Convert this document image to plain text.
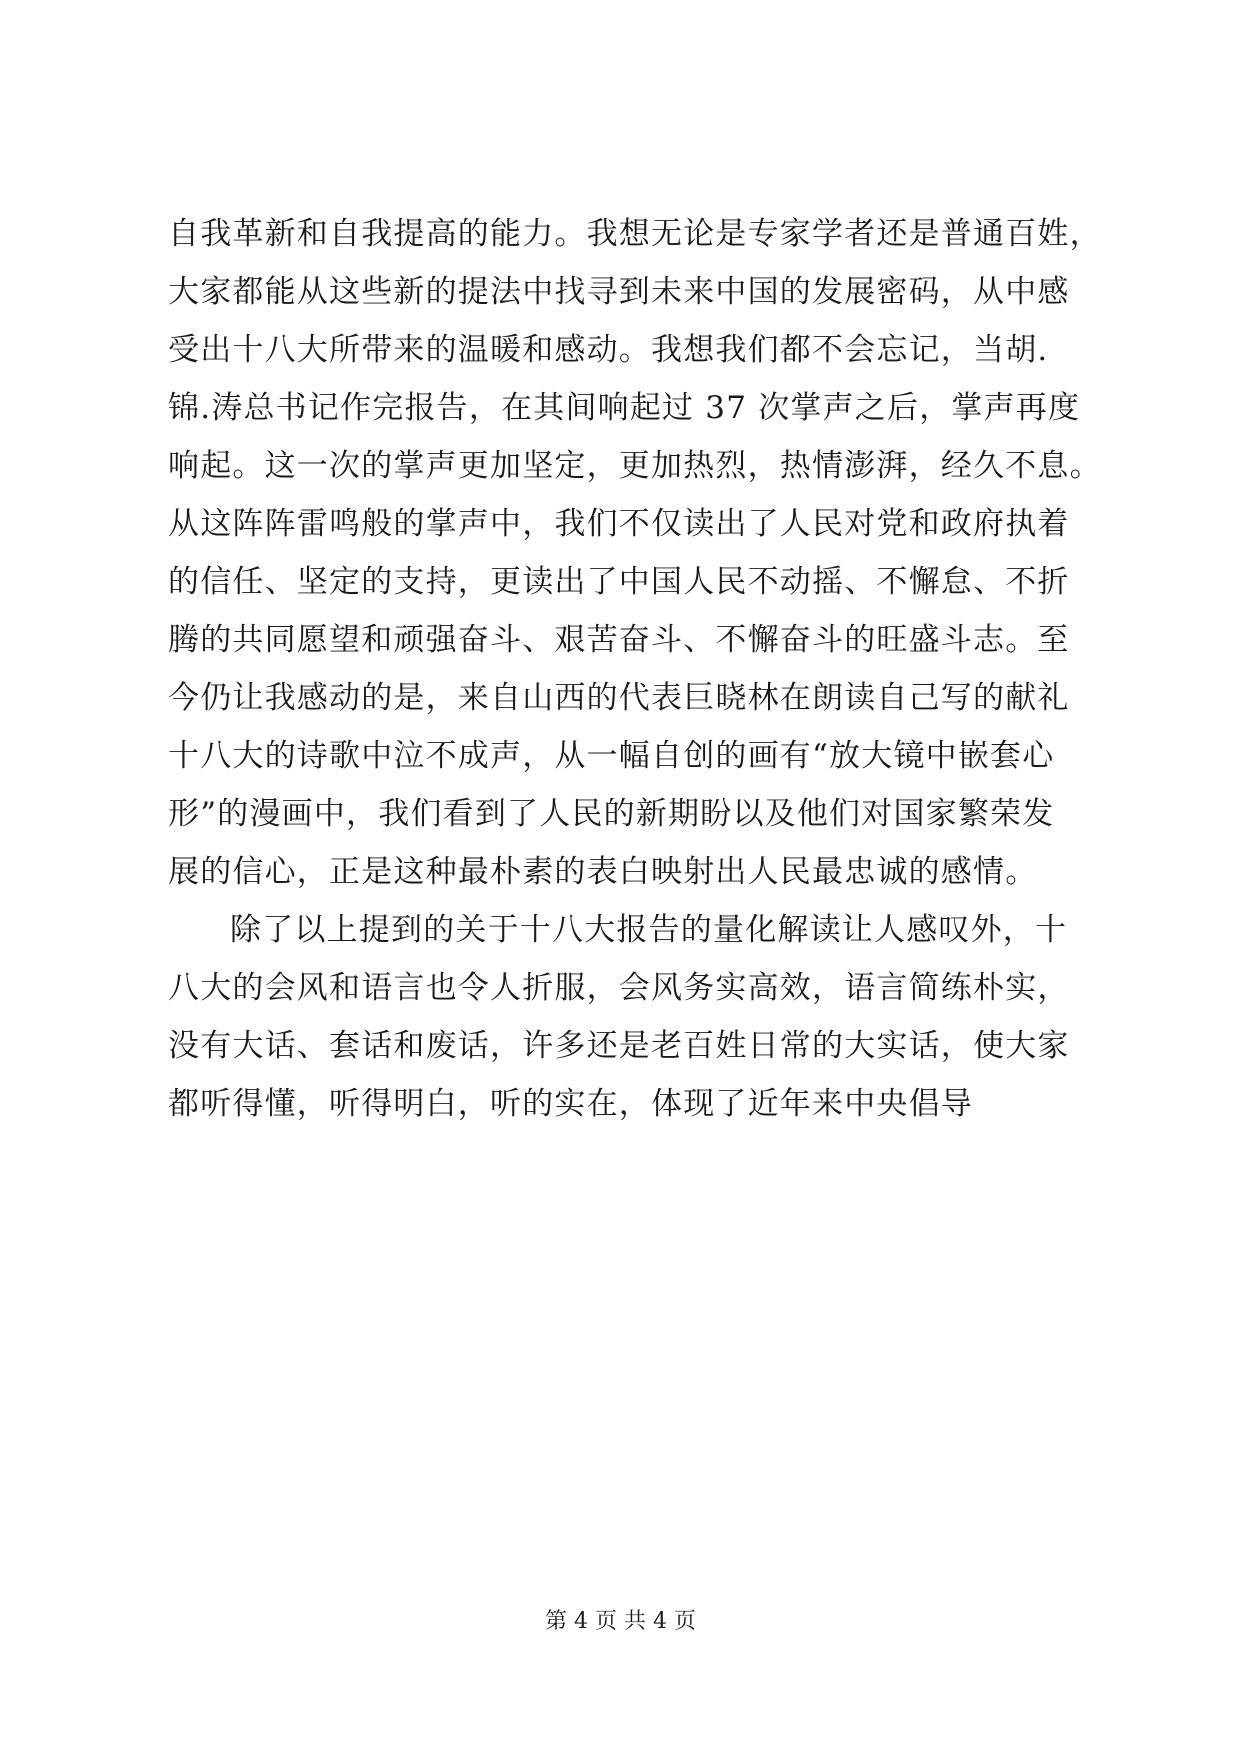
自我革新和自我提高的能力。我想无论是专家学者还是普通百姓，
大家都能从这些新的提法中找寻到未来中国的发展密码，从中感
受出十八大所带来的温暖和感动。我想我们都不会忘记，当胡.
锦.涛总书记作完报告，在其间响起过 37 次掌声之后，掌声再度
响起。这一次的掌声更加坚定，更加热烈，热情澎湃，经久不息。
从这阵阵雷鸣般的掌声中，我们不仅读出了人民对党和政府执着
的信任、坚定的支持，更读出了中国人民不动摇、不懈怠、不折
腾的共同愿望和顽强奋斗、艰苦奋斗、不懈奋斗的旺盛斗志。至
今仍让我感动的是，来自山西的代表巨晓林在朗读自己写的献礼
十八大的诗歌中泣不成声，从一幅自创的画有“放大镜中嵌套心
形”的漫画中，我们看到了人民的新期盼以及他们对国家繁荣发
展的信心，正是这种最朴素的表白映射出人民最忠诚的感情。
除了以上提到的关于十八大报告的量化解读让人感叹外，十
八大的会风和语言也令人折服，会风务实高效，语言简练朴实，
没有大话、套话和废话，许多还是老百姓日常的大实话，使大家
都听得懂，听得明白，听的实在，体现了近年来中央倡导
第 4 页 共 4 页
